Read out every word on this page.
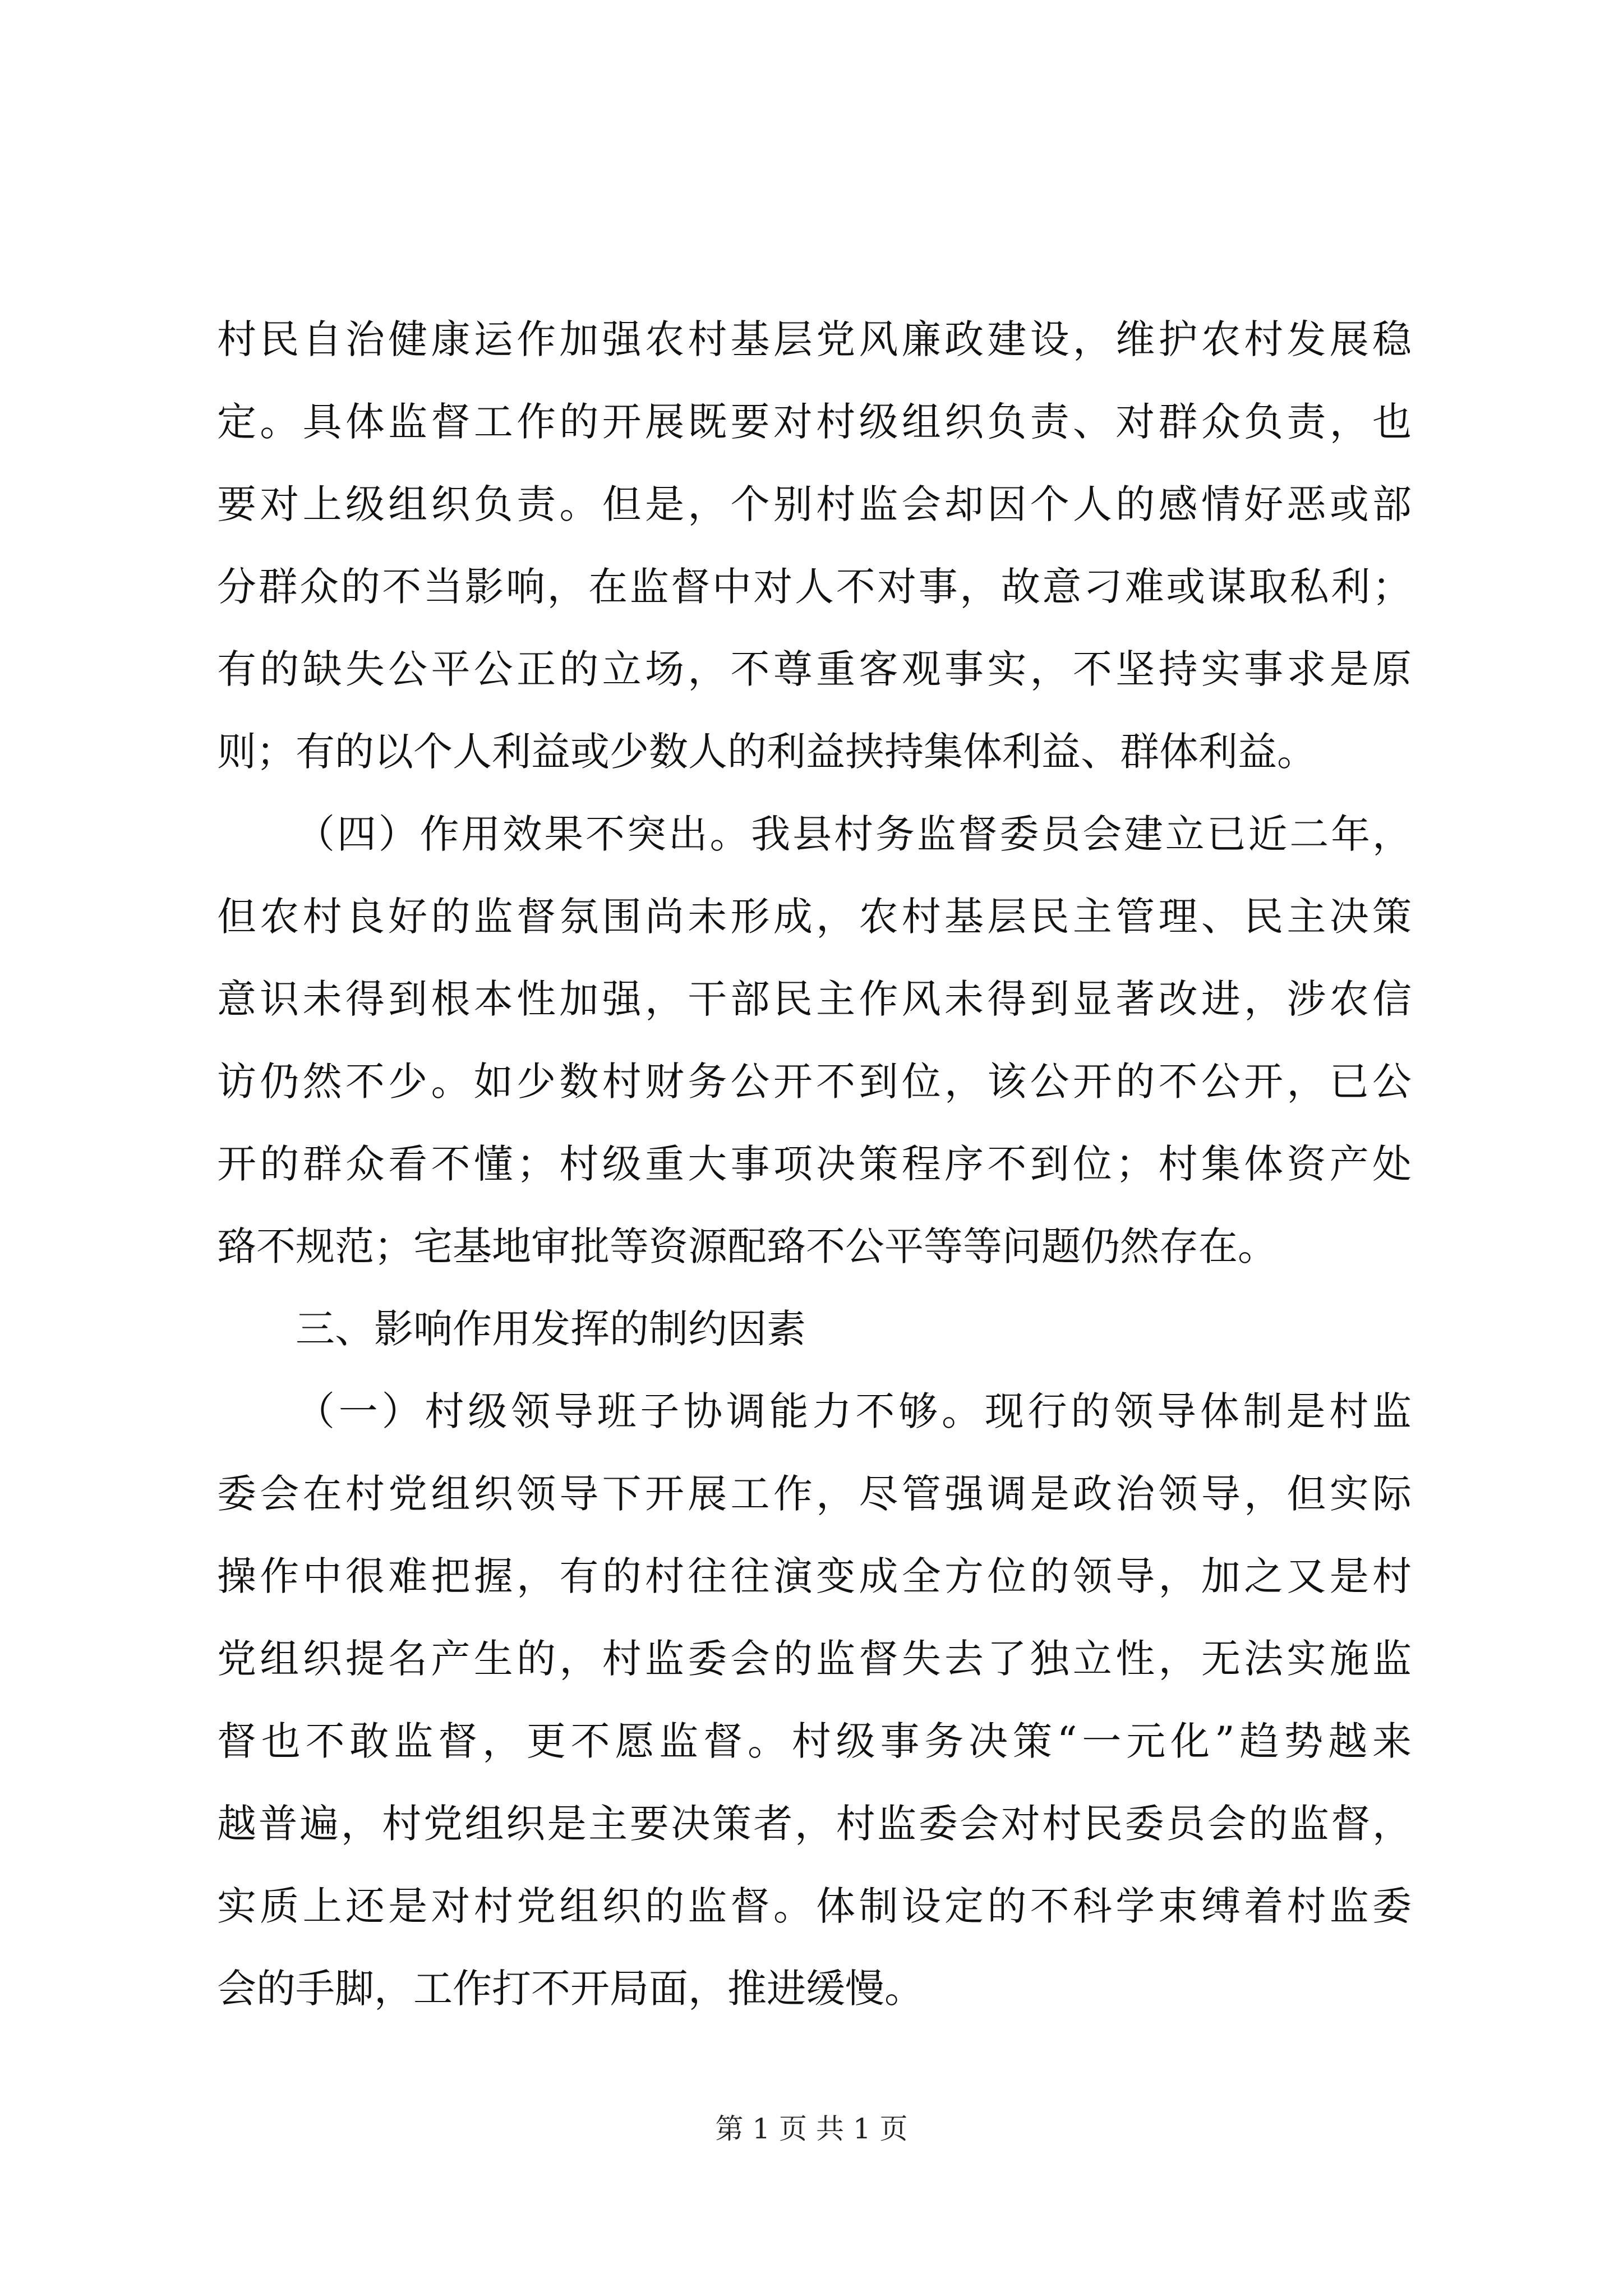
村民自治健康运作加强农村基层党风廉政建设，维护农村发展稳
定。具体监督工作的开展既要对村级组织负责、对群众负责，也
要对上级组织负责。但是，个别村监会却因个人的感情好恶或部
分群众的不当影响，在监督中对人不对事，故意刁难或谋取私利；
有的缺失公平公正的立场，不尊重客观事实，不坚持实事求是原
则；有的以个人利益或少数人的利益挟持集体利益、群体利益。
（四）作用效果不突出。我县村务监督委员会建立已近二年，
但农村良好的监督氛围尚未形成，农村基层民主管理、民主决策
意识未得到根本性加强，干部民主作风未得到显著改进，涉农信
访仍然不少。如少数村财务公开不到位，该公开的不公开，已公
开的群众看不懂；村级重大事项决策程序不到位；村集体资产处
臵不规范；宅基地审批等资源配臵不公平等等问题仍然存在。
三、影响作用发挥的制约因素
（一）村级领导班子协调能力不够。现行的领导体制是村监
委会在村党组织领导下开展工作，尽管强调是政治领导，但实际
操作中很难把握，有的村往往演变成全方位的领导，加之又是村
党组织提名产生的，村监委会的监督失去了独立性，无法实施监
督也不敢监督，更不愿监督。村级事务决策“一元化”趋势越来
越普遍，村党组织是主要决策者，村监委会对村民委员会的监督，
实质上还是对村党组织的监督。体制设定的不科学束缚着村监委
会的手脚，工作打不开局面，推进缓慢。
第 1 页 共 1 页
